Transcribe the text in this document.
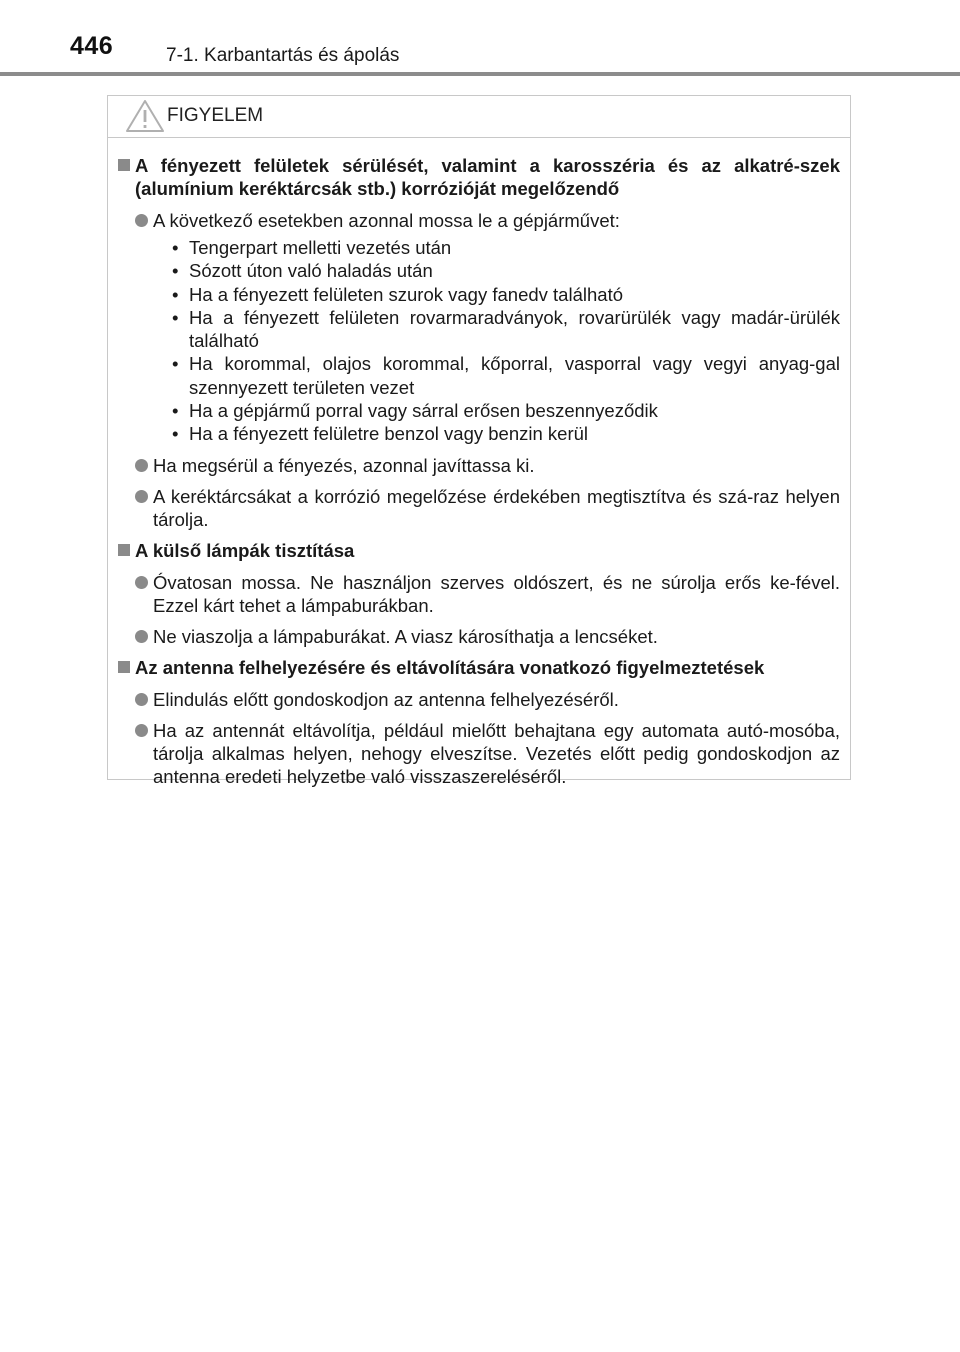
446	7-1. Karbantartás és ápolás
FIGYELEM
A fényezett felületek sérülését, valamint a karosszéria és az alkatré-szek (alumínium keréktárcsák stb.) korrózióját megelőzendő
A következő esetekben azonnal mossa le a gépjárművet:
• Tengerpart melletti vezetés után
• Sózott úton való haladás után
• Ha a fényezett felületen szurok vagy fanedv található
• Ha a fényezett felületen rovarmaradványok, rovarürülék vagy madár-ürülék található
• Ha korommal, olajos korommal, kőporral, vasporral vagy vegyi anyag-gal szennyezett területen vezet
• Ha a gépjármű porral vagy sárral erősen beszennyeződik
• Ha a fényezett felületre benzol vagy benzin kerül
Ha megsérül a fényezés, azonnal javíttassa ki.
A keréktárcsákat a korrózió megelőzése érdekében megtisztítva és szá-raz helyen tárolja.
A külső lámpák tisztítása
Óvatosan mossa. Ne használjon szerves oldószert, és ne súrolja erős ke-fével. Ezzel kárt tehet a lámpaburákban.
Ne viaszolja a lámpaburákat. A viasz károsíthatja a lencséket.
Az antenna felhelyezésére és eltávolítására vonatkozó figyelmeztetések
Elindulás előtt gondoskodjon az antenna felhelyezéséről.
Ha az antennát eltávolítja, például mielőtt behajtana egy automata autó-mosóba, tárolja alkalmas helyen, nehogy elveszítse. Vezetés előtt pedig gondoskodjon az antenna eredeti helyzetbe való visszaszereléséről.
